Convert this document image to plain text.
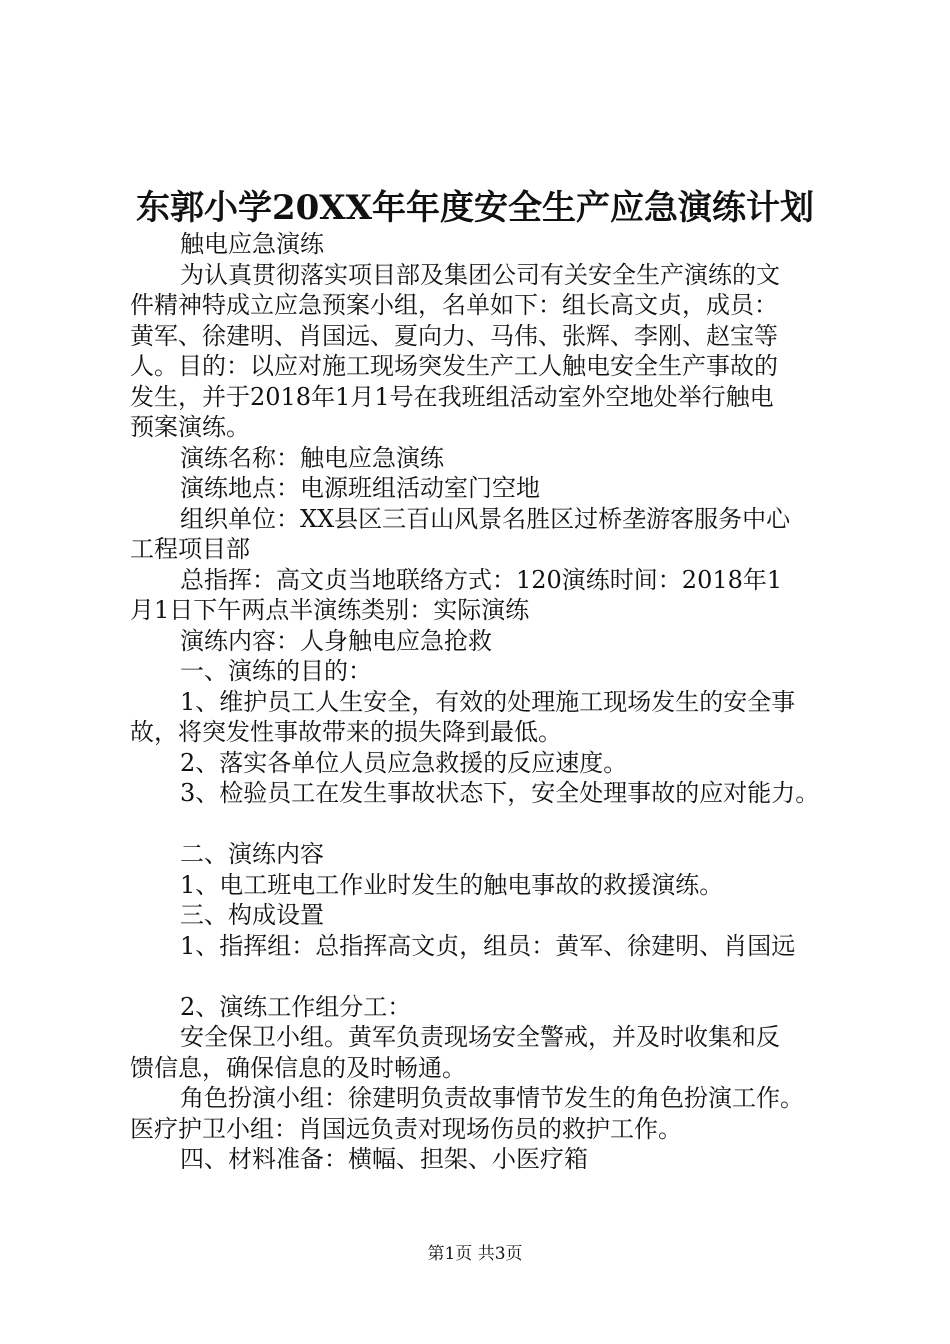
东郭小学20XX年年度安全生产应急演练计划

触电应急演练

为认真贯彻落实项目部及集团公司有关安全生产演练的文

件精神特成立应急预案小组，名单如下：组长高文贞，成员：

黄军、徐建明、肖国远、夏向力、马伟、张辉、李刚、赵宝等

人。目的：以应对施工现场突发生产工人触电安全生产事故的

发生，并于2018年1月1号在我班组活动室外空地处举行触电

预案演练。

演练名称：触电应急演练

演练地点：电源班组活动室门空地

组织单位：XX县区三百山风景名胜区过桥垄游客服务中心

工程项目部

总指挥：高文贞当地联络方式：120演练时间：2018年1

月1日下午两点半演练类别：实际演练

演练内容：人身触电应急抢救

一、演练的目的：

1、维护员工人生安全，有效的处理施工现场发生的安全事

故，将突发性事故带来的损失降到最低。

2、落实各单位人员应急救援的反应速度。

3、检验员工在发生事故状态下，安全处理事故的应对能力。

二、演练内容

1、电工班电工作业时发生的触电事故的救援演练。

三、构成设置

1、指挥组：总指挥高文贞，组员：黄军、徐建明、肖国远

2、演练工作组分工：

安全保卫小组。黄军负责现场安全警戒，并及时收集和反

馈信息，确保信息的及时畅通。

角色扮演小组：徐建明负责故事情节发生的角色扮演工作。

医疗护卫小组：肖国远负责对现场伤员的救护工作。

四、材料准备：横幅、担架、小医疗箱

第1页 共3页
